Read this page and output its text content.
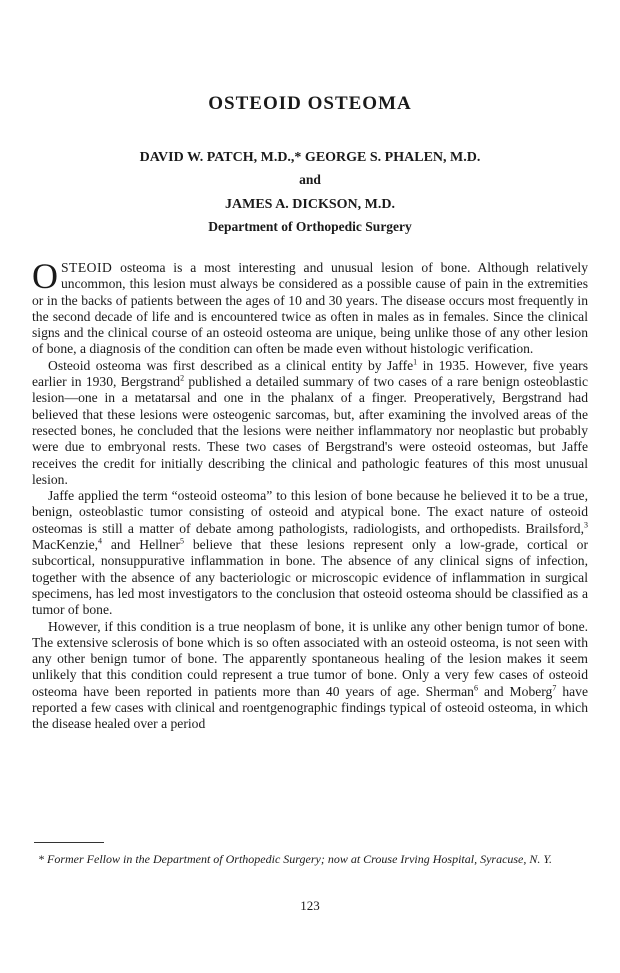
OSTEOID OSTEOMA
DAVID W. PATCH, M.D.,* GEORGE S. PHALEN, M.D.
and
JAMES A. DICKSON, M.D.
Department of Orthopedic Surgery

OSTEOID osteoma is a most interesting and unusual lesion of bone. Although relatively uncommon, this lesion must always be considered as a possible cause of pain in the extremities or in the backs of patients between the ages of 10 and 30 years. The disease occurs most frequently in the second decade of life and is encountered twice as often in males as in females. Since the clinical signs and the clinical course of an osteoid osteoma are unique, being unlike those of any other lesion of bone, a diagnosis of the condition can often be made even without histologic verification.

Osteoid osteoma was first described as a clinical entity by Jaffe$^1$ in 1935. However, five years earlier in 1930, Bergstrand$^2$ published a detailed summary of two cases of a rare benign osteoblastic lesion—one in a metatarsal and one in the phalanx of a finger. Preoperatively, Bergstrand had believed that these lesions were osteogenic sarcomas, but, after examining the involved areas of the resected bones, he concluded that the lesions were neither inflammatory nor neoplastic but probably were due to embryonal rests. These two cases of Bergstrand's were osteoid osteomas, but Jaffe receives the credit for initially describing the clinical and pathologic features of this most unusual lesion.

Jaffe applied the term “osteoid osteoma” to this lesion of bone because he believed it to be a true, benign, osteoblastic tumor consisting of osteoid and atypical bone. The exact nature of osteoid osteomas is still a matter of debate among pathologists, radiologists, and orthopedists. Brailsford,$^3$ MacKenzie,$^4$ and Hellner$^5$ believe that these lesions represent only a low-grade, cortical or subcortical, nonsuppurative inflammation in bone. The absence of any clinical signs of infection, together with the absence of any bacteriologic or microscopic evidence of inflammation in surgical specimens, has led most investigators to the conclusion that osteoid osteoma should be classified as a tumor of bone.

However, if this condition is a true neoplasm of bone, it is unlike any other benign tumor of bone. The extensive sclerosis of bone which is so often associated with an osteoid osteoma, is not seen with any other benign tumor of bone. The apparently spontaneous healing of the lesion makes it seem unlikely that this condition could represent a true tumor of bone. Only a very few cases of osteoid osteoma have been reported in patients more than 40 years of age. Sherman$^6$ and Moberg$^7$ have reported a few cases with clinical and roentgenographic findings typical of osteoid osteoma, in which the disease healed over a period

* Former Fellow in the Department of Orthopedic Surgery; now at Crouse Irving Hospital, Syracuse, N. Y.
123
